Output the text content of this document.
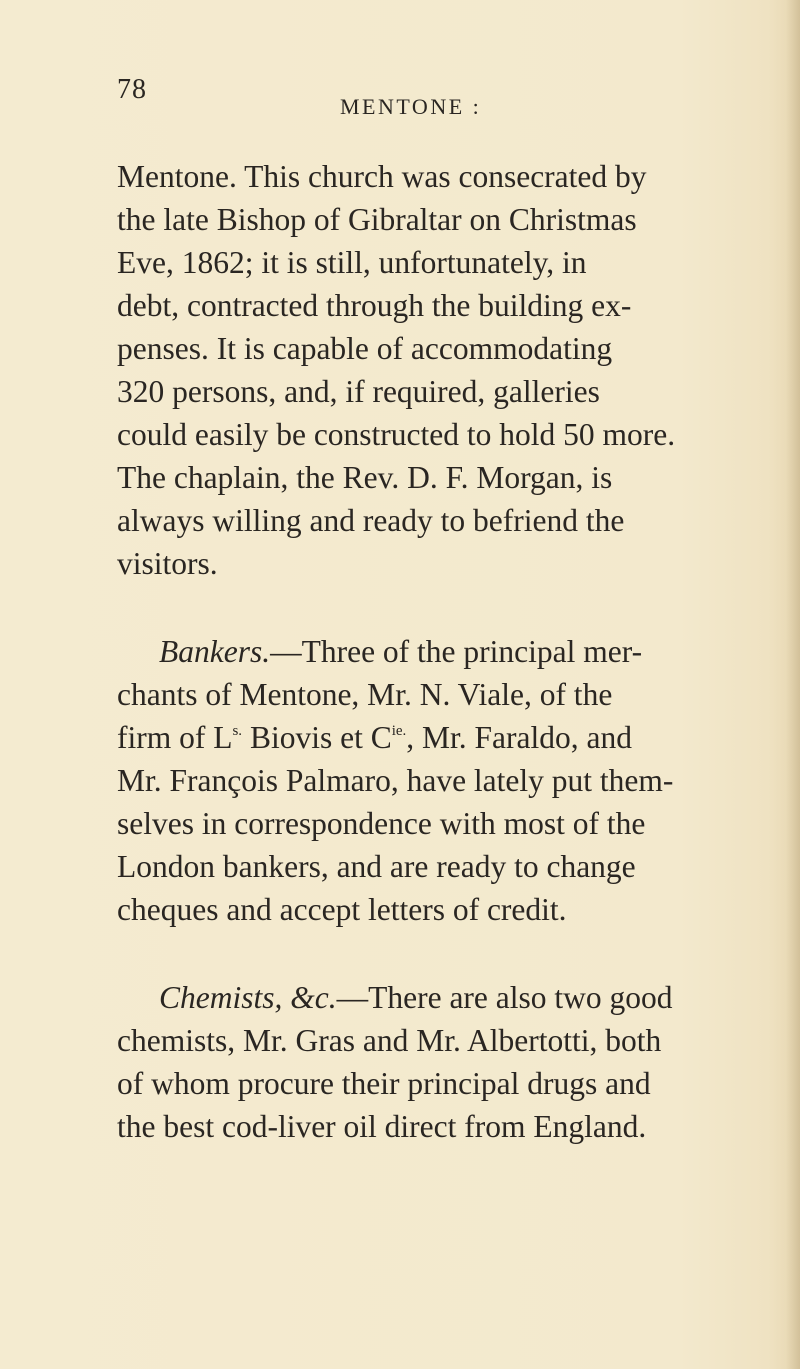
78
MENTONE :
Mentone. This church was consecrated by
the late Bishop of Gibraltar on Christmas
Eve, 1862; it is still, unfortunately, in
debt, contracted through the building ex-
penses. It is capable of accommodating
320 persons, and, if required, galleries
could easily be constructed to hold 50 more.
The chaplain, the Rev. D. F. Morgan, is
always willing and ready to befriend the
visitors.
Bankers.—Three of the principal mer-
chants of Mentone, Mr. N. Viale, of the
firm of $L^{s.}$ Biovis et $C^{ie.}$, Mr. Faraldo, and
Mr. François Palmaro, have lately put them-
selves in correspondence with most of the
London bankers, and are ready to change
cheques and accept letters of credit.
Chemists, &c.—There are also two good
chemists, Mr. Gras and Mr. Albertotti, both
of whom procure their principal drugs and
the best cod-liver oil direct from England.
